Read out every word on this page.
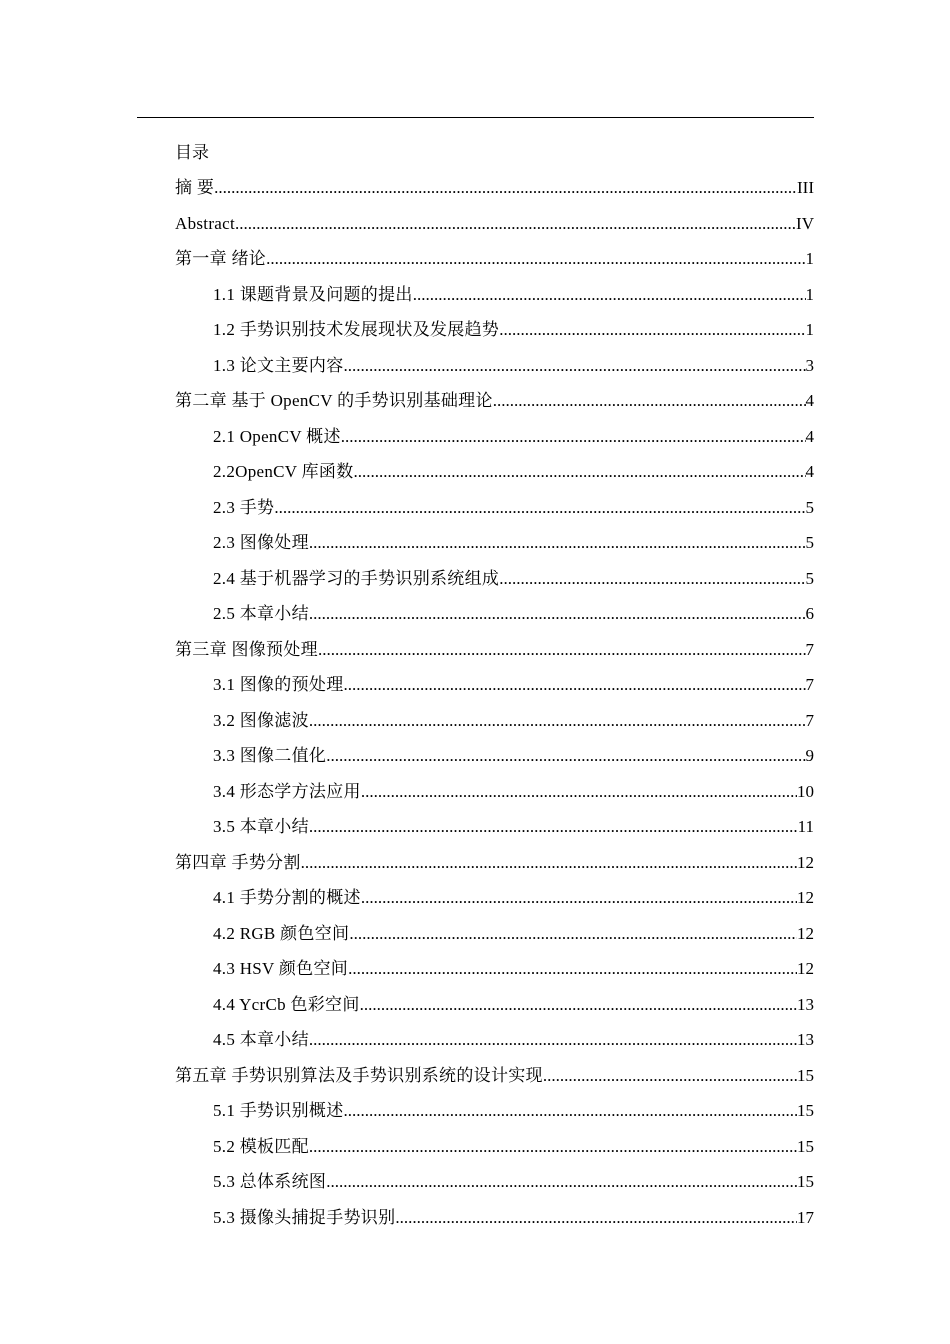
目录
摘 要 .....	III
Abstract .....	IV
第一章 绪论 .....	1
1.1 课题背景及问题的提出 .....	1
1.2 手势识别技术发展现状及发展趋势 .....	1
1.3 论文主要内容 .....	3
第二章 基于 OpenCV 的手势识别基础理论 .....	4
2.1 OpenCV 概述 .....	4
2.2OpenCV 库函数 .....	4
2.3 手势 .....	5
2.3 图像处理 .....	5
2.4 基于机器学习的手势识别系统组成 .....	5
2.5 本章小结 .....	6
第三章 图像预处理 .....	7
3.1 图像的预处理 .....	7
3.2 图像滤波 .....	7
3.3 图像二值化 .....	9
3.4 形态学方法应用 .....	10
3.5 本章小结 .....	11
第四章 手势分割 .....	12
4.1 手势分割的概述 .....	12
4.2 RGB 颜色空间 .....	12
4.3 HSV 颜色空间 .....	12
4.4 YcrCb 色彩空间 .....	13
4.5 本章小结 .....	13
第五章 手势识别算法及手势识别系统的设计实现 .....	15
5.1 手势识别概述 .....	15
5.2 模板匹配 .....	15
5.3 总体系统图 .....	15
5.3 摄像头捕捉手势识别 .....	17
